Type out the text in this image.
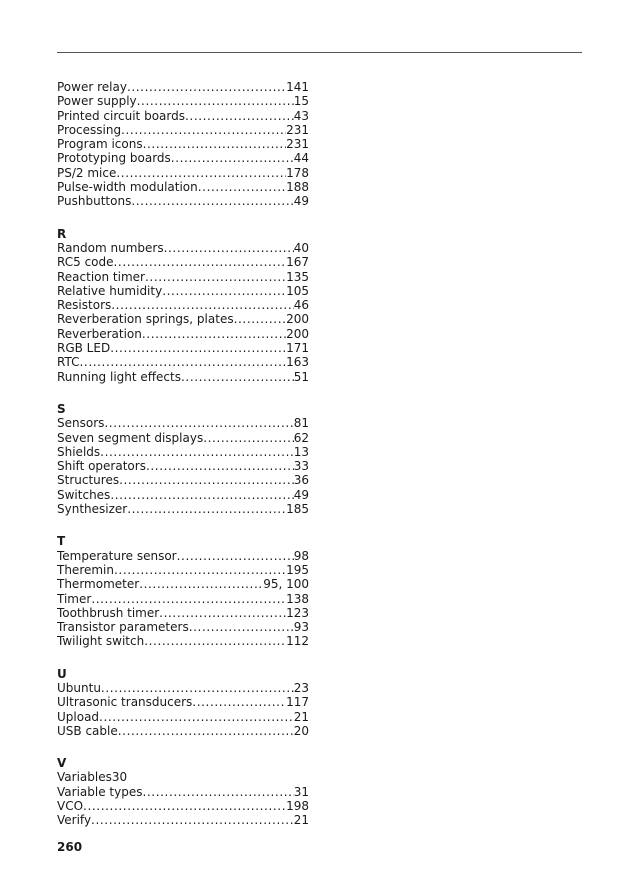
Power relay .....	141
Power supply .....	15
Printed circuit boards .....	43
Processing .....	231
Program icons .....	231
Prototyping boards .....	44
PS/2 mice .....	178
Pulse-width modulation .....	188
Pushbuttons .....	49
R
Random numbers .....	40
RC5 code .....	167
Reaction timer .....	135
Relative humidity .....	105
Resistors .....	46
Reverberation springs, plates .....	200
Reverberation .....	200
RGB LED .....	171
RTC .....	163
Running light effects .....	51
S
Sensors .....	81
Seven segment displays .....	62
Shields .....	13
Shift operators .....	33
Structures .....	36
Switches .....	49
Synthesizer .....	185
T
Temperature sensor .....	98
Theremin .....	195
Thermometer .....	95, 100
Timer .....	138
Toothbrush timer .....	123
Transistor parameters .....	93
Twilight switch .....	112
U
Ubuntu .....	23
Ultrasonic transducers .....	117
Upload .....	21
USB cable .....	20
V
Variables30
Variable types .....	31
VCO .....	198
Verify .....	21
260
